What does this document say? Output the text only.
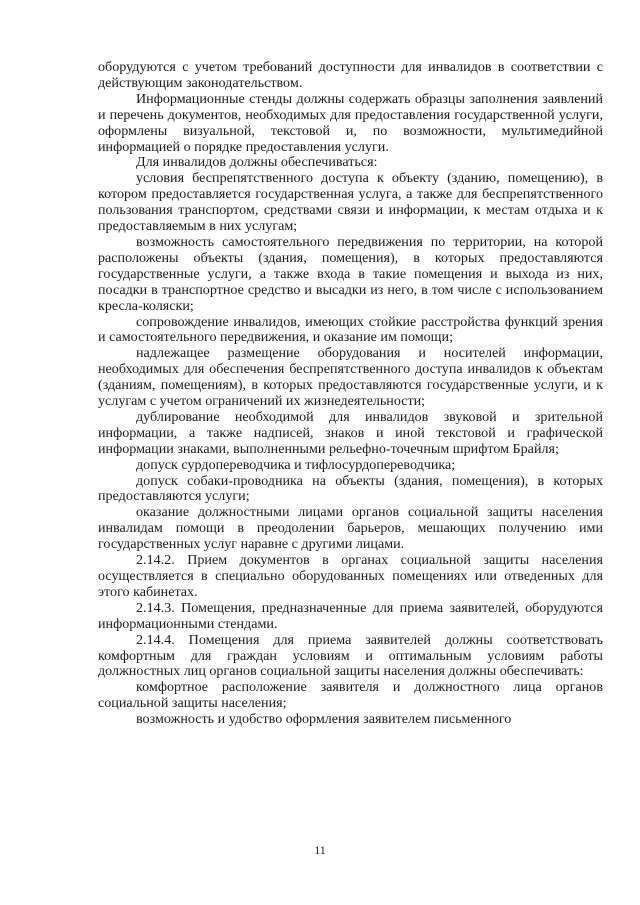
оборудуются с учетом требований доступности для инвалидов в соответствии с действующим законодательством.

Информационные стенды должны содержать образцы заполнения заявлений и перечень документов, необходимых для предоставления государственной услуги, оформлены визуальной, текстовой и, по возможности, мультимедийной информацией о порядке предоставления услуги.

Для инвалидов должны обеспечиваться:

условия беспрепятственного доступа к объекту (зданию, помещению), в котором предоставляется государственная услуга, а также для беспрепятственного пользования транспортом, средствами связи и информации, к местам отдыха и к предоставляемым в них услугам;

возможность самостоятельного передвижения по территории, на которой расположены объекты (здания, помещения), в которых предоставляются государственные услуги, а также входа в такие помещения и выхода из них, посадки в транспортное средство и высадки из него, в том числе с использованием кресла-коляски;

сопровождение инвалидов, имеющих стойкие расстройства функций зрения и самостоятельного передвижения, и оказание им помощи;

надлежащее размещение оборудования и носителей информации, необходимых для обеспечения беспрепятственного доступа инвалидов к объектам (зданиям, помещениям), в которых предоставляются государственные услуги, и к услугам с учетом ограничений их жизнедеятельности;

дублирование необходимой для инвалидов звуковой и зрительной информации, а также надписей, знаков и иной текстовой и графической информации знаками, выполненными рельефно-точечным шрифтом Брайля;

допуск сурдопереводчика и тифлосурдопереводчика;

допуск собаки-проводника на объекты (здания, помещения), в которых предоставляются услуги;

оказание должностными лицами органов социальной защиты населения инвалидам помощи в преодолении барьеров, мешающих получению ими государственных услуг наравне с другими лицами.

2.14.2. Прием документов в органах социальной защиты населения осуществляется в специально оборудованных помещениях или отведенных для этого кабинетах.

2.14.3. Помещения, предназначенные для приема заявителей, оборудуются информационными стендами.

2.14.4. Помещения для приема заявителей должны соответствовать комфортным для граждан условиям и оптимальным условиям работы должностных лиц органов социальной защиты населения должны обеспечивать:

комфортное расположение заявителя и должностного лица органов социальной защиты населения;

возможность и удобство оформления заявителем письменного

11
